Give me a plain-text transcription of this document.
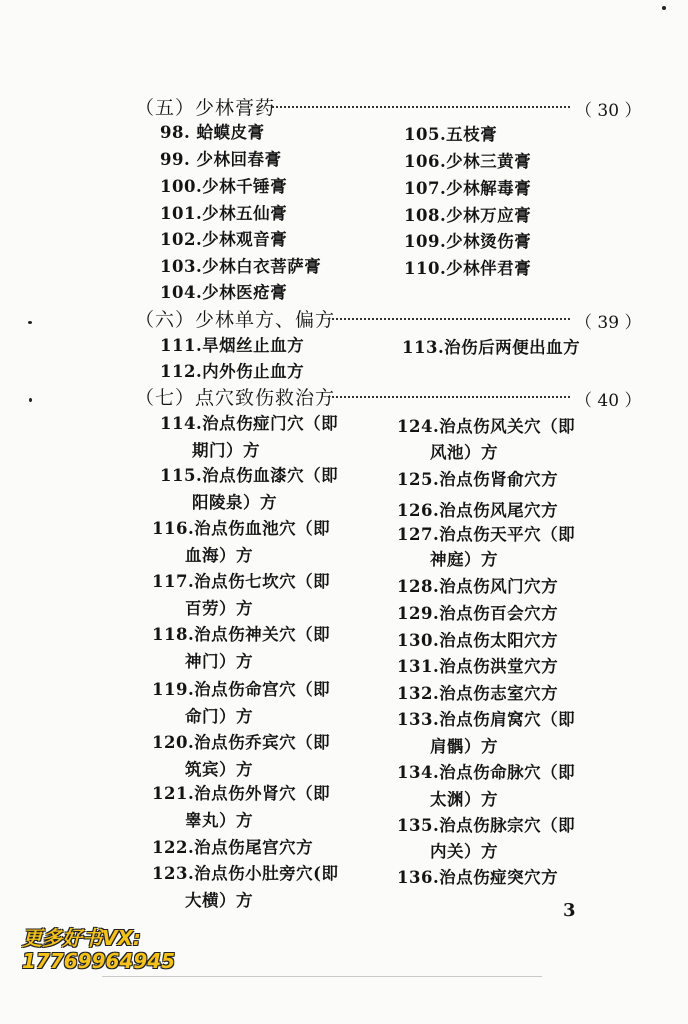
（五）少林膏药	（ 30 ）
（六）少林单方、偏方	（ 39 ）
（七）点穴致伤救治方	（ 40 ）
98. 蛤蟆皮膏
99. 少林回春膏
100.少林千锤膏
101.少林五仙膏
102.少林观音膏
103.少林白衣菩萨膏
104.少林医疮膏
105.五枝膏
106.少林三黄膏
107.少林解毒膏
108.少林万应膏
109.少林烫伤膏
110.少林伴君膏
111.旱烟丝止血方
112.内外伤止血方
113.治伤后两便出血方
114.治点伤痖门穴（即
期门）方
115.治点伤血漆穴（即
阳陵泉）方
116.治点伤血池穴（即
血海）方
117.治点伤七坎穴（即
百劳）方
118.治点伤神关穴（即
神门）方
119.治点伤命宫穴（即
命门）方
120.治点伤乔宾穴（即
筑宾）方
121.治点伤外肾穴（即
睾丸）方
122.治点伤尾宫穴方
123.治点伤小肚旁穴(即
大横）方
124.治点伤风关穴（即
风池）方
125.治点伤肾俞穴方
126.治点伤风尾穴方
127.治点伤天平穴（即
神庭）方
128.治点伤风门穴方
129.治点伤百会穴方
130.治点伤太阳穴方
131.治点伤洪堂穴方
132.治点伤志室穴方
133.治点伤肩窝穴（即
肩髃）方
134.治点伤命脉穴（即
太渊）方
135.治点伤脉宗穴（即
内关）方
136.治点伤痖突穴方
3
更多好书VX:
17769964945
